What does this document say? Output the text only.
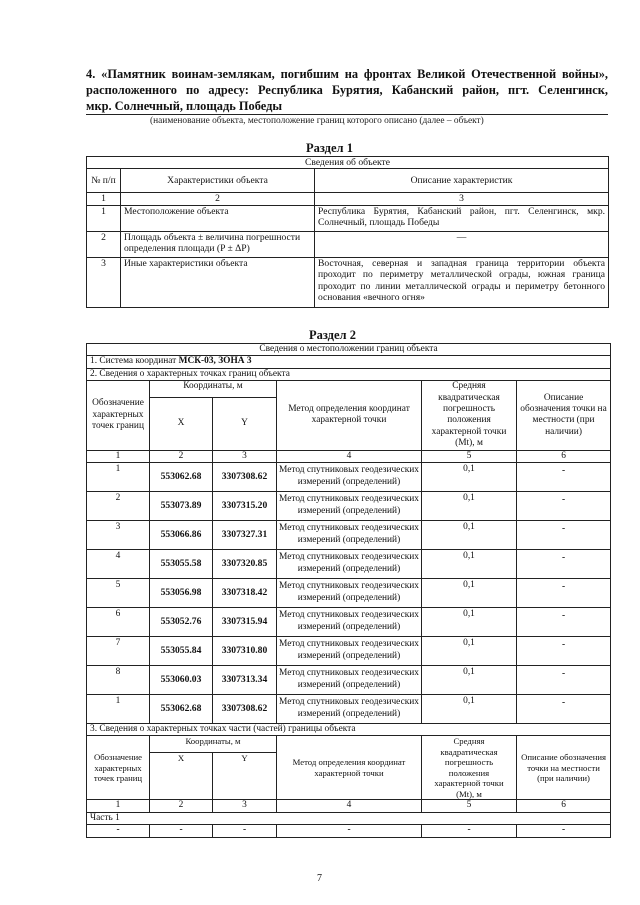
4. «Памятник воинам-землякам, погибшим на фронтах Великой Отечественной войны»,
расположенного по адресу: Республика Бурятия, Кабанский район, пгт. Селенгинск,
мкр. Солнечный, площадь Победы
(наименование объекта, местоположение границ которого описано (далее – объект)
Раздел 1
Сведения об объекте		
№ п/п	Характеристики объекта	Описание характеристик
1	2	3
1	Местоположение объекта	Республика Бурятия, Кабанский район, пгт. Селенгинск, мкр. Солнечный, площадь Победы
2	Площадь объекта ± величина погрешности определения площади (P ± ΔP)	—
3	Иные характеристики объекта	Восточная, северная и западная граница территории объекта проходит по периметру металлической ограды, южная граница проходит по линии металлической ограды и периметру бетонного основания «вечного огня»
Раздел 2
Сведения о местоположении границ объекта					
1. Система координат МСК-03, ЗОНА 3					
2. Сведения о характерных точках границ объекта					
Обозначение характерных точек границ	Координаты, м		Метод определения координат характерной точки	Средняя квадратическая погрешность положения характерной точки (Mt), м	Описание обозначения точки на местности (при наличии)
	X	Y			
1	2	3	4	5	6
1	553062.68	3307308.62	Метод спутниковых геодезических измерений (определений)	0,1	-
2	553073.89	3307315.20	Метод спутниковых геодезических измерений (определений)	0,1	-
3	553066.86	3307327.31	Метод спутниковых геодезических измерений (определений)	0,1	-
4	553055.58	3307320.85	Метод спутниковых геодезических измерений (определений)	0,1	-
5	553056.98	3307318.42	Метод спутниковых геодезических измерений (определений)	0,1	-
6	553052.76	3307315.94	Метод спутниковых геодезических измерений (определений)	0,1	-
7	553055.84	3307310.80	Метод спутниковых геодезических измерений (определений)	0,1	-
8	553060.03	3307313.34	Метод спутниковых геодезических измерений (определений)	0,1	-
1	553062.68	3307308.62	Метод спутниковых геодезических измерений (определений)	0,1	-
3. Сведения о характерных точках части (частей) границы объекта					
Обозначение характерных точек границ	Координаты, м		Метод определения координат характерной точки	Средняя квадратическая погрешность положения характерной точки (Mt), м	Описание обозначения точки на местности (при наличии)
	X	Y			
1	2	3	4	5	6
Часть 1					
-	-	-	-	-	-
7
